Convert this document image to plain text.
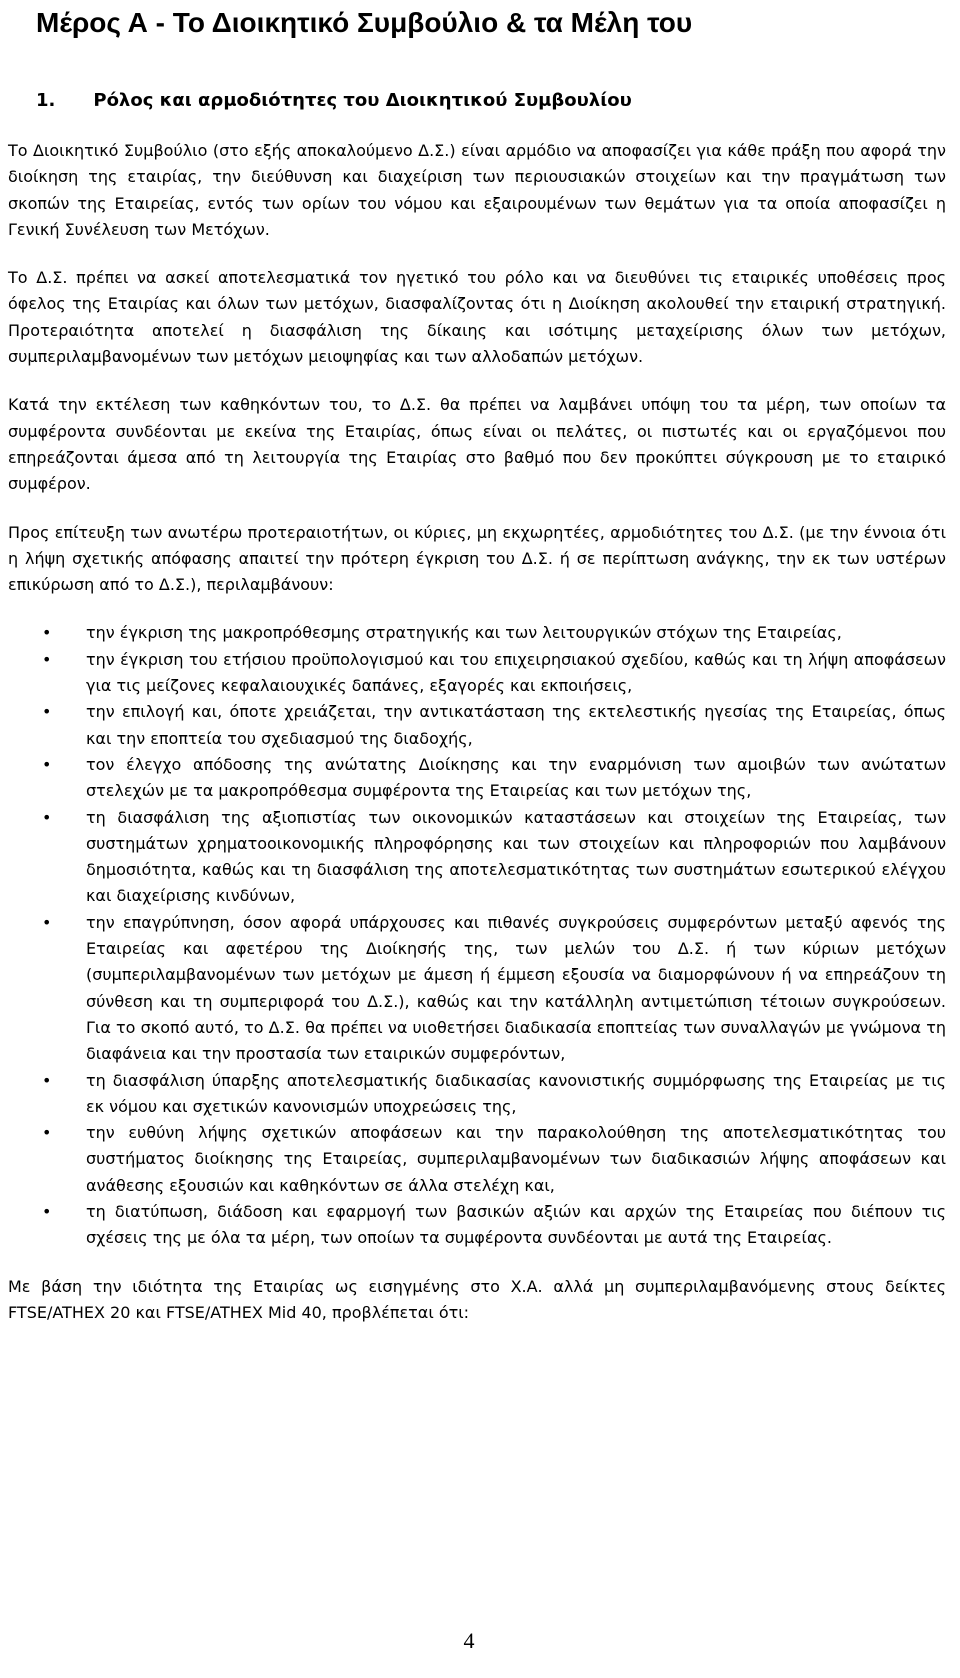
Μέρος Α - Το Διοικητικό Συμβούλιο & τα Μέλη του
1. Ρόλος και αρμοδιότητες του Διοικητικού Συμβουλίου

Το Διοικητικό Συμβούλιο (στο εξής αποκαλούμενο Δ.Σ.) είναι αρμόδιο να αποφασίζει για κάθε πράξη που αφορά την διοίκηση της εταιρίας, την διεύθυνση και διαχείριση των περιουσιακών στοιχείων και την πραγμάτωση των σκοπών της Εταιρείας, εντός των ορίων του νόμου και εξαιρουμένων των θεμάτων για τα οποία αποφασίζει η Γενική Συνέλευση των Μετόχων.

Το Δ.Σ. πρέπει να ασκεί αποτελεσματικά τον ηγετικό του ρόλο και να διευθύνει τις εταιρικές υποθέσεις προς όφελος της Εταιρίας και όλων των μετόχων, διασφαλίζοντας ότι η Διοίκηση ακολουθεί την εταιρική στρατηγική. Προτεραιότητα αποτελεί η διασφάλιση της δίκαιης και ισότιμης μεταχείρισης όλων των μετόχων, συμπεριλαμβανομένων των μετόχων μειοψηφίας και των αλλοδαπών μετόχων.

Κατά την εκτέλεση των καθηκόντων του, το Δ.Σ. θα πρέπει να λαμβάνει υπόψη του τα μέρη, των οποίων τα συμφέροντα συνδέονται με εκείνα της Εταιρίας, όπως είναι οι πελάτες, οι πιστωτές και οι εργαζόμενοι που επηρεάζονται άμεσα από τη λειτουργία της Εταιρίας στο βαθμό που δεν προκύπτει σύγκρουση με το εταιρικό συμφέρον.

Προς επίτευξη των ανωτέρω προτεραιοτήτων, οι κύριες, μη εκχωρητέες, αρμοδιότητες του Δ.Σ. (με την έννοια ότι η λήψη σχετικής απόφασης απαιτεί την πρότερη έγκριση του Δ.Σ. ή σε περίπτωση ανάγκης, την εκ των υστέρων επικύρωση από το Δ.Σ.), περιλαμβάνουν:

• την έγκριση της μακροπρόθεσμης στρατηγικής και των λειτουργικών στόχων της Εταιρείας,
• την έγκριση του ετήσιου προϋπολογισμού και του επιχειρησιακού σχεδίου, καθώς και τη λήψη αποφάσεων για τις μείζονες κεφαλαιουχικές δαπάνες, εξαγορές και εκποιήσεις,
• την επιλογή και, όποτε χρειάζεται, την αντικατάσταση της εκτελεστικής ηγεσίας της Εταιρείας, όπως και την εποπτεία του σχεδιασμού της διαδοχής,
• τον έλεγχο απόδοσης της ανώτατης Διοίκησης και την εναρμόνιση των αμοιβών των ανώτατων στελεχών με τα μακροπρόθεσμα συμφέροντα της Εταιρείας και των μετόχων της,
• τη διασφάλιση της αξιοπιστίας των οικονομικών καταστάσεων και στοιχείων της Εταιρείας, των συστημάτων χρηματοοικονομικής πληροφόρησης και των στοιχείων και πληροφοριών που λαμβάνουν δημοσιότητα, καθώς και τη διασφάλιση της αποτελεσματικότητας των συστημάτων εσωτερικού ελέγχου και διαχείρισης κινδύνων,
• την επαγρύπνηση, όσον αφορά υπάρχουσες και πιθανές συγκρούσεις συμφερόντων μεταξύ αφενός της Εταιρείας και αφετέρου της Διοίκησής της, των μελών του Δ.Σ. ή των κύριων μετόχων (συμπεριλαμβανομένων των μετόχων με άμεση ή έμμεση εξουσία να διαμορφώνουν ή να επηρεάζουν τη σύνθεση και τη συμπεριφορά του Δ.Σ.), καθώς και την κατάλληλη αντιμετώπιση τέτοιων συγκρούσεων. Για το σκοπό αυτό, το Δ.Σ. θα πρέπει να υιοθετήσει διαδικασία εποπτείας των συναλλαγών με γνώμονα τη διαφάνεια και την προστασία των εταιρικών συμφερόντων,
• τη διασφάλιση ύπαρξης αποτελεσματικής διαδικασίας κανονιστικής συμμόρφωσης της Εταιρείας με τις εκ νόμου και σχετικών κανονισμών υποχρεώσεις της,
• την ευθύνη λήψης σχετικών αποφάσεων και την παρακολούθηση της αποτελεσματικότητας του συστήματος διοίκησης της Εταιρείας, συμπεριλαμβανομένων των διαδικασιών λήψης αποφάσεων και ανάθεσης εξουσιών και καθηκόντων σε άλλα στελέχη και,
• τη διατύπωση, διάδοση και εφαρμογή των βασικών αξιών και αρχών της Εταιρείας που διέπουν τις σχέσεις της με όλα τα μέρη, των οποίων τα συμφέροντα συνδέονται με αυτά της Εταιρείας.

Με βάση την ιδιότητα της Εταιρίας ως εισηγμένης στο Χ.Α. αλλά μη συμπεριλαμβανόμενης στους δείκτες FTSE/ATHEX 20 και FTSE/ATHEX Mid 40, προβλέπεται ότι:

4
